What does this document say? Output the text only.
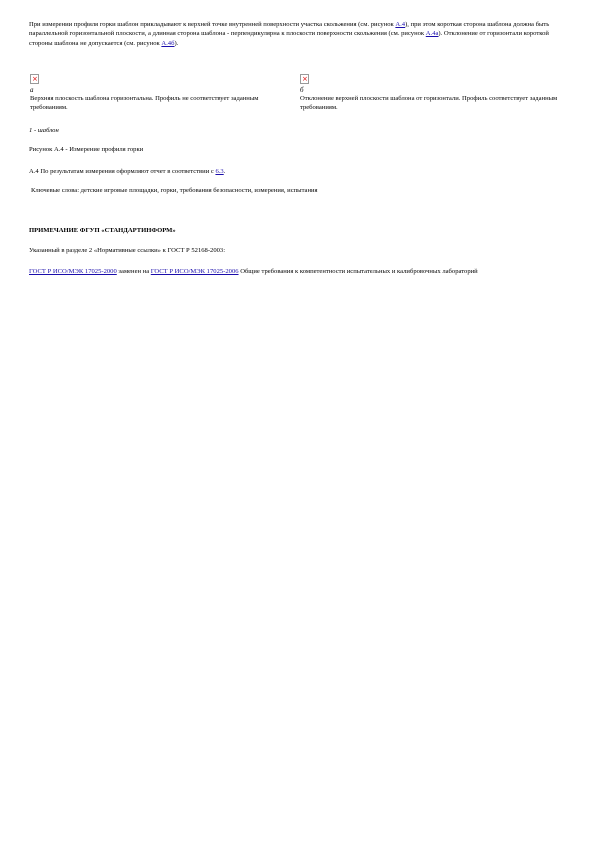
При измерении профиля горки шаблон прикладывают к верхней точке внутренней поверхности участка скольжения (см. рисунок А.4), при этом короткая сторона шаблона должна быть параллельной горизонтальной плоскости, а длинная сторона шаблона - перпендикулярна к плоскости поверхности скольжения (см. рисунок А.4а). Отклонение от горизонтали короткой стороны шаблона не допускается (см. рисунок А.4б).

×
а
Верхняя плоскость шаблона горизонтальна. Профиль не соответствует заданным требованиям.
×
б
Отклонение верхней плоскости шаблона от горизонтали. Профиль соответствует заданным требованиям.

1 - шаблон

Рисунок А.4 - Измерение профиля горки

А.4 По результатам измерения оформляют отчет в соответствии с 6.3.

Ключевые слова: детские игровые площадки, горки, требования безопасности, измерения, испытания

ПРИМЕЧАНИЕ ФГУП «СТАНДАРТИНФОРМ»

Указанный в разделе 2 «Нормативные ссылки» к ГОСТ Р 52168-2003:

ГОСТ Р ИСО/МЭК 17025-2000 заменен на ГОСТ Р ИСО/МЭК 17025-2006 Общие требования к компетентности испытательных и калибровочных лабораторий
